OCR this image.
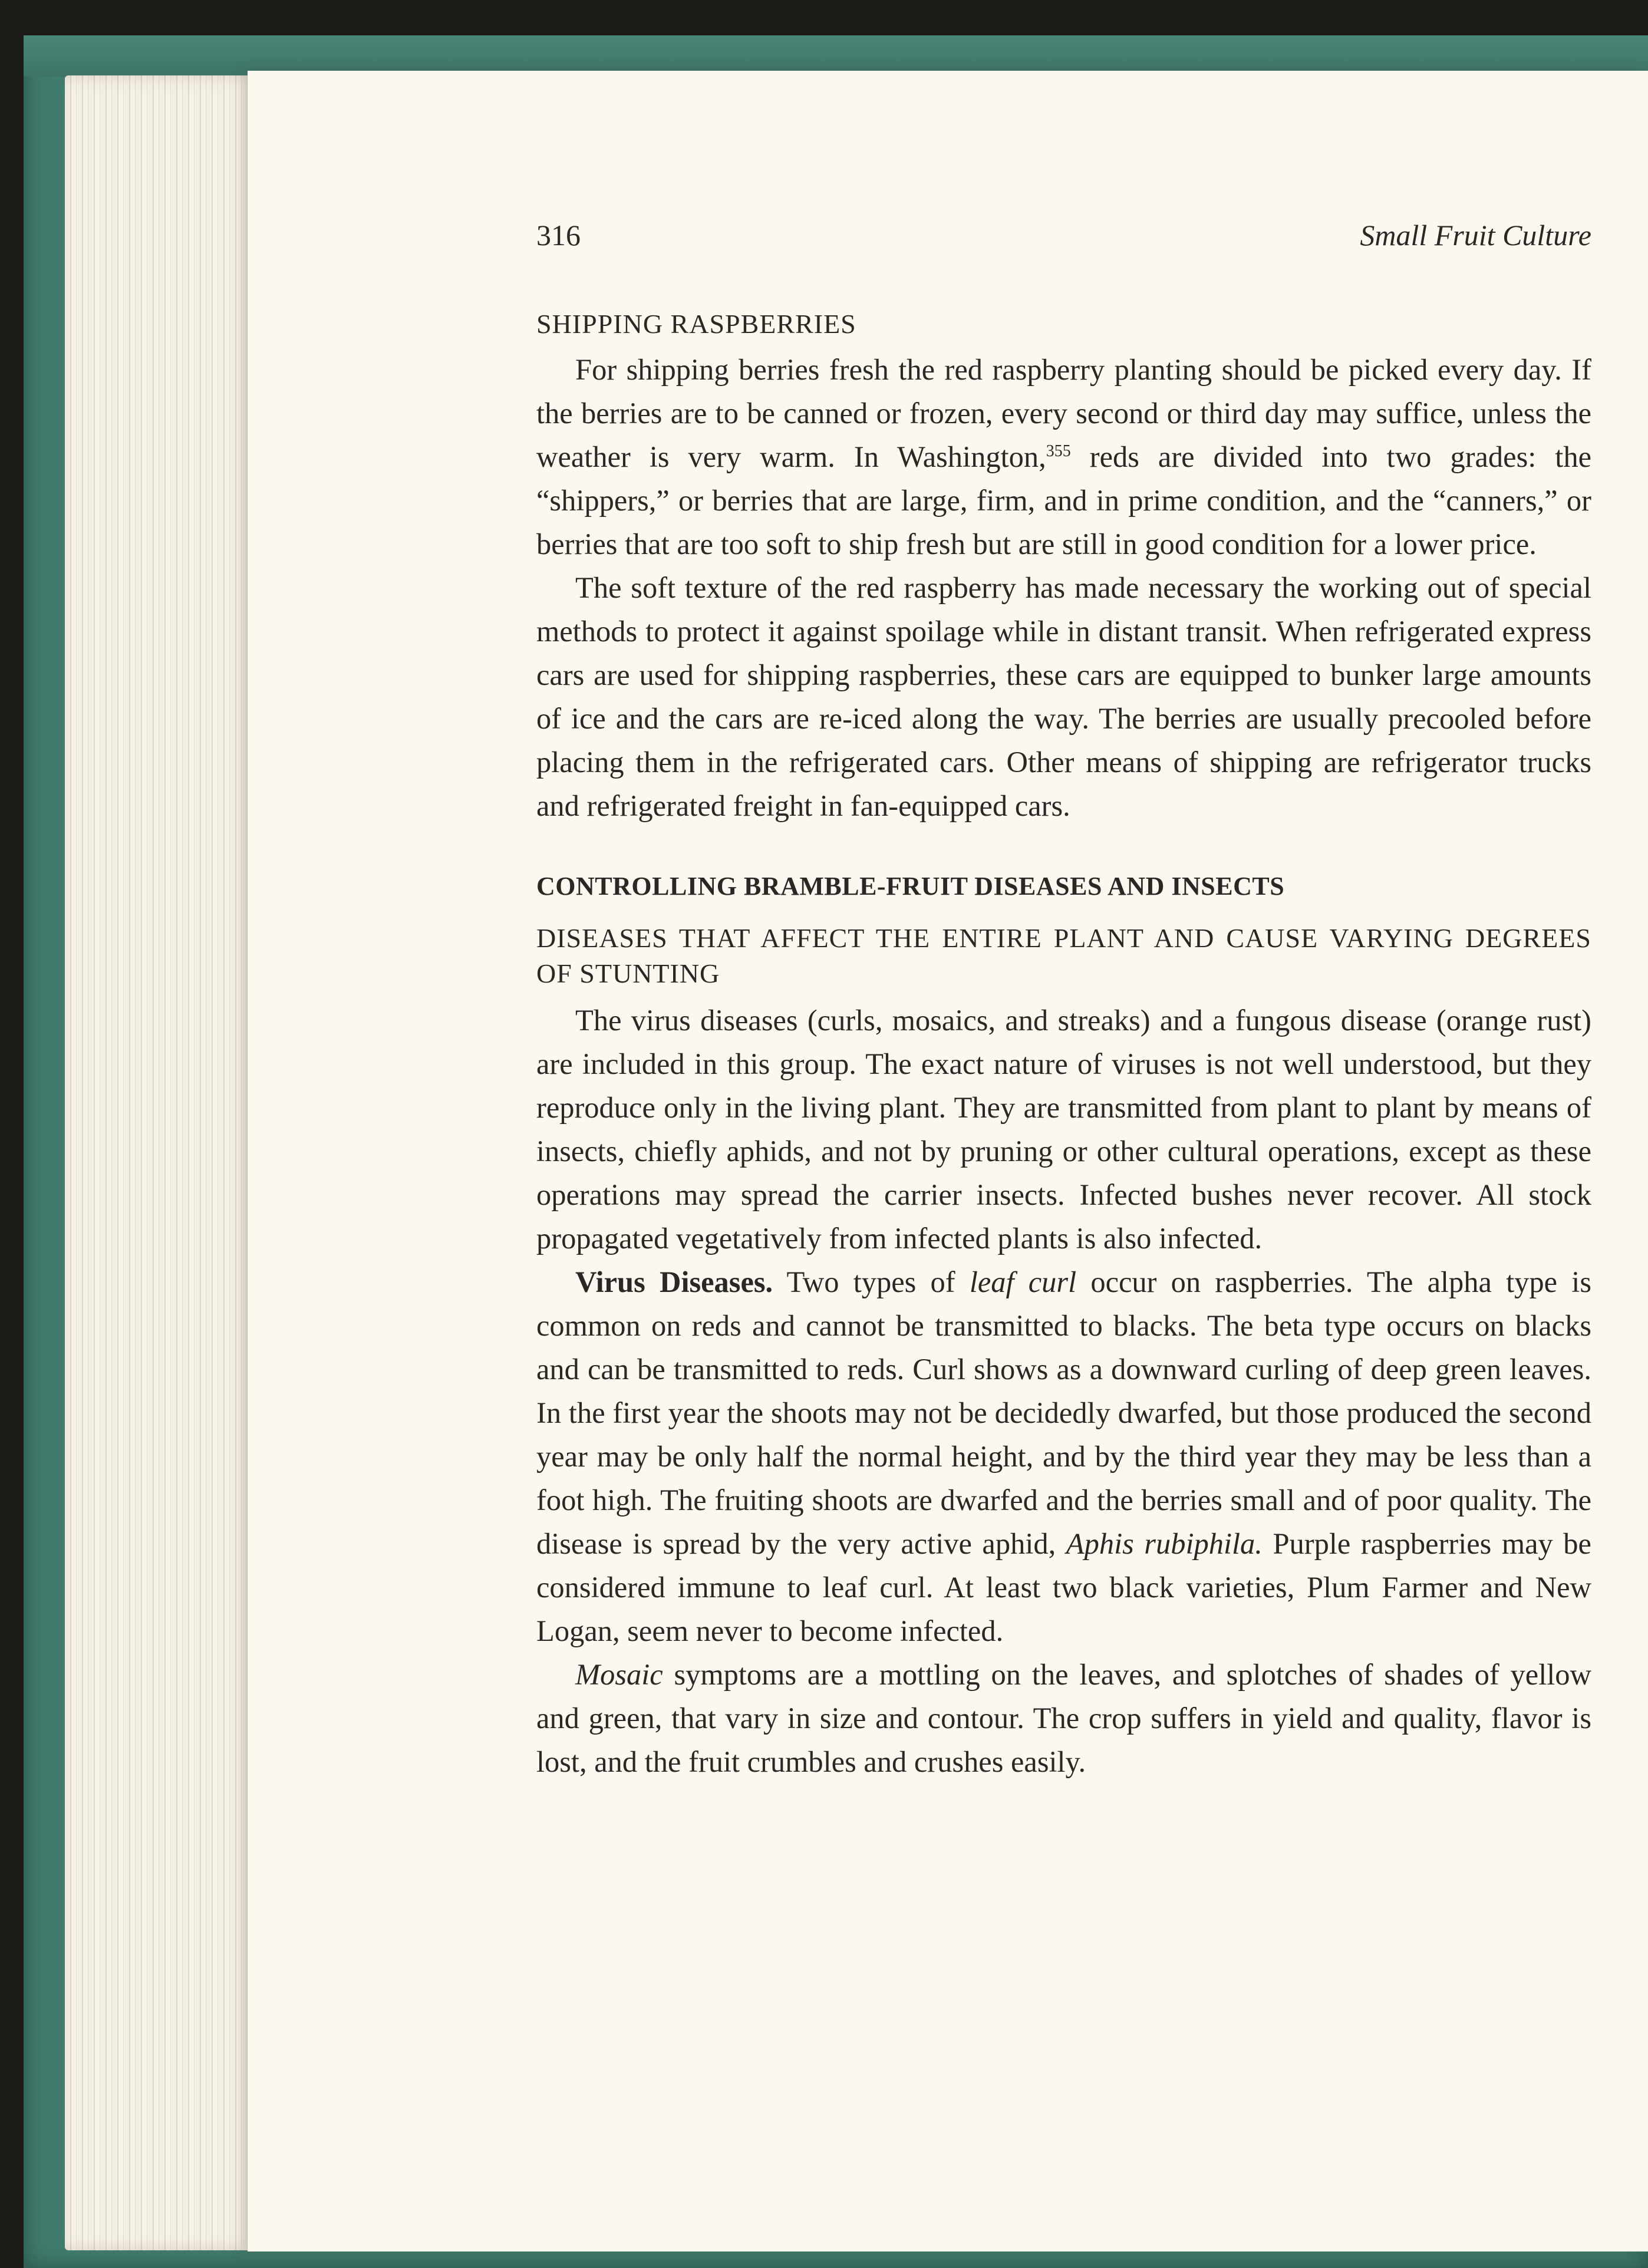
316	Small Fruit Culture
SHIPPING RASPBERRIES

For shipping berries fresh the red raspberry planting should be picked every day. If the berries are to be canned or frozen, every second or third day may suffice, unless the weather is very warm. In Washington,$^{355}$ reds are divided into two grades: the “shippers,” or berries that are large, firm, and in prime condition, and the “canners,” or berries that are too soft to ship fresh but are still in good condition for a lower price.

The soft texture of the red raspberry has made necessary the working out of special methods to protect it against spoilage while in distant transit. When refrigerated express cars are used for shipping raspberries, these cars are equipped to bunker large amounts of ice and the cars are re-iced along the way. The berries are usually precooled before placing them in the refrigerated cars. Other means of shipping are refrigerator trucks and refrigerated freight in fan-equipped cars.

CONTROLLING BRAMBLE-FRUIT DISEASES AND INSECTS
DISEASES THAT AFFECT THE ENTIRE PLANT AND CAUSE VARYING DEGREES OF STUNTING

The virus diseases (curls, mosaics, and streaks) and a fungous disease (orange rust) are included in this group. The exact nature of viruses is not well understood, but they reproduce only in the living plant. They are transmitted from plant to plant by means of insects, chiefly aphids, and not by pruning or other cultural operations, except as these operations may spread the carrier insects. Infected bushes never recover. All stock propagated vegetatively from infected plants is also infected.

Virus Diseases. Two types of leaf curl occur on raspberries. The alpha type is common on reds and cannot be transmitted to blacks. The beta type occurs on blacks and can be transmitted to reds. Curl shows as a downward curling of deep green leaves. In the first year the shoots may not be decidedly dwarfed, but those produced the second year may be only half the normal height, and by the third year they may be less than a foot high. The fruiting shoots are dwarfed and the berries small and of poor quality. The disease is spread by the very active aphid, Aphis rubiphila. Purple raspberries may be considered immune to leaf curl. At least two black varieties, Plum Farmer and New Logan, seem never to become infected.

Mosaic symptoms are a mottling on the leaves, and splotches of shades of yellow and green, that vary in size and contour. The crop suffers in yield and quality, flavor is lost, and the fruit crumbles and crushes easily.
